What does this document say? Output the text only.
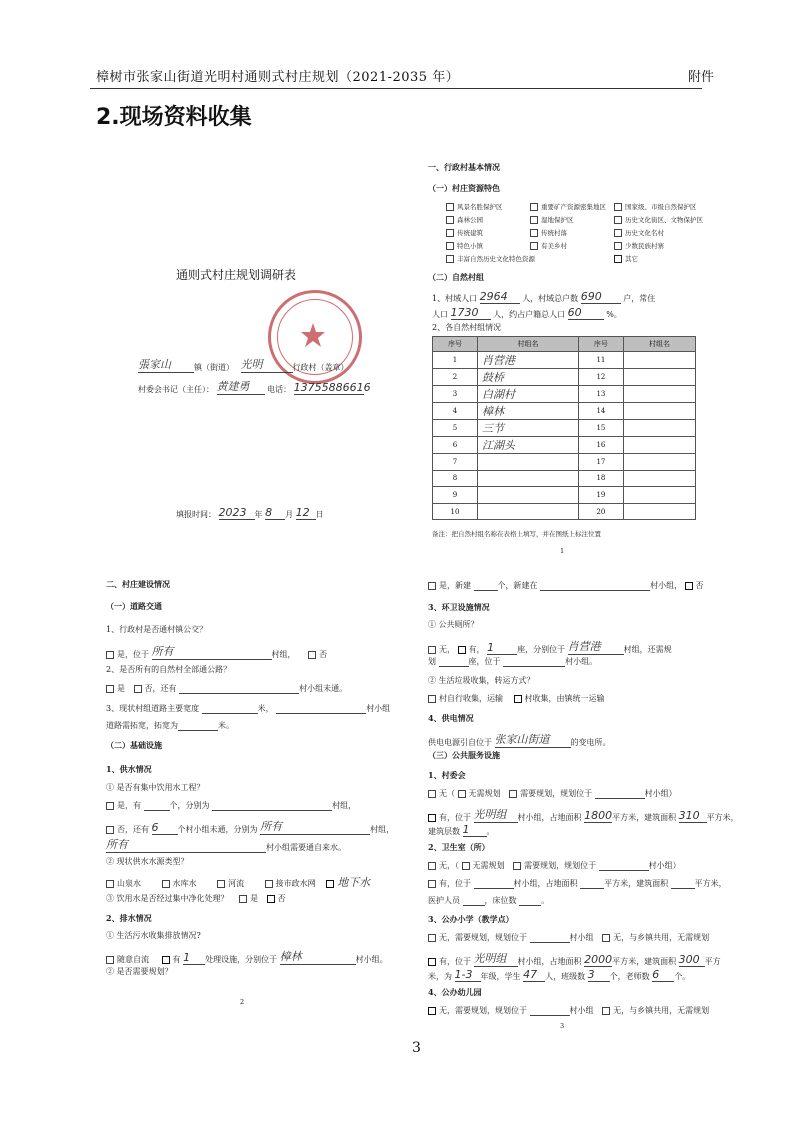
樟树市张家山街道光明村通则式村庄规划（2021-2035 年）	附件
2.现场资料收集
通则式村庄规划调研表
張家山	镇（街道） 光明	行政村（盖章）
村委会书记（主任）： 黄建勇 电话： 13755886616
填报时间： 2023 年 8 月 12 日
一、行政村基本情况
（一）村庄资源特色
风景名胜保护区	重要矿产资源密集地区	国家级、市级自然保护区
森林公园	湿地保护区	历史文化街区、文物保护区
传统建筑	传统村落	历史文化名村
特色小镇	有美乡村	少数民族村寨
丰富自然历史文化特色资源	其它
（二）自然村组
1、村域人口 2964 人，村域总户数 690	户，常住
人口 1730 人，约占户籍总人口 60	%。
2、各自然村组情况
序号	村组名	序号	村组名
1	肖营港	11	
2	鼓桥	12	
3	白湖村	13	
4	樟林	14	
5	三节	15	
6	江湖头	16	
7		17	
8		18	
9		19	
10		20	
备注：把自然村组名称在表格上填写，并在图纸上标注位置
1
二、村庄建设情况
（一）道路交通
1、行政村是否通村镇公交？
是，位于 所有	村组，	否
2、是否所有的自然村全部通公路？
是 否，还有	村小组未通。
3、现状村组道路主要宽度	米，	村小组
道路需拓宽，拓宽为	米。
（二）基础设施
1、供水情况
① 是否有集中饮用水工程？
是，有	个，分别为	村组，
否，还有 6 个村小组未通，分别为 所有	村组，
所有	村小组需要通自来水。
② 现状供水水源类型？
山泉水	水库水	河流	接市政水网 地下水
③ 饮用水是否经过集中净化处理？	是 否
2、排水情况
① 生活污水收集排放情况?
随意自流	有 1 处理设施，分别位于 樟林	村小组。
② 是否需要规划？
2
是，新建	个，新建在	村小组， 否
3、环卫设施情况
① 公共厕所？
无， 有， 1	座，分别位于 肖营港	村组，还需规
划	座，位于	村小组。
② 生活垃圾收集，转运方式？
村自行收集，运输	村收集，由镇统一运输
4、供电情况
供电电源引自位于 张家山街道	的变电所。
（三）公共服务设施
1、村委会
无（ 无需规划 需要规划，规划位于	村小组）
有，位于 光明组 村小组，占地面积 1800平方米，建筑面积 310 平方米，
建筑层数 1 。
2、卫生室（所）
无，（ 无需规划 需要规划，规划位于	村小组）
有，位于	村小组，占地面积	平方米，建筑面积	平方米，
医护人员	，床位数	。
3、公办小学（教学点）
无，需要规划，规划位于	村小组 无，与乡镇共用，无需规划
有，位于 光明组 村小组，占地面积 2000平方米，建筑面积 300 平方
米，为 1-3 年级，学生 47 人，班级数 3 个，老师数 6 个。
4、公办幼儿园
无，需要规划，规划位于	村小组 无，与乡镇共用，无需规划
3
3
